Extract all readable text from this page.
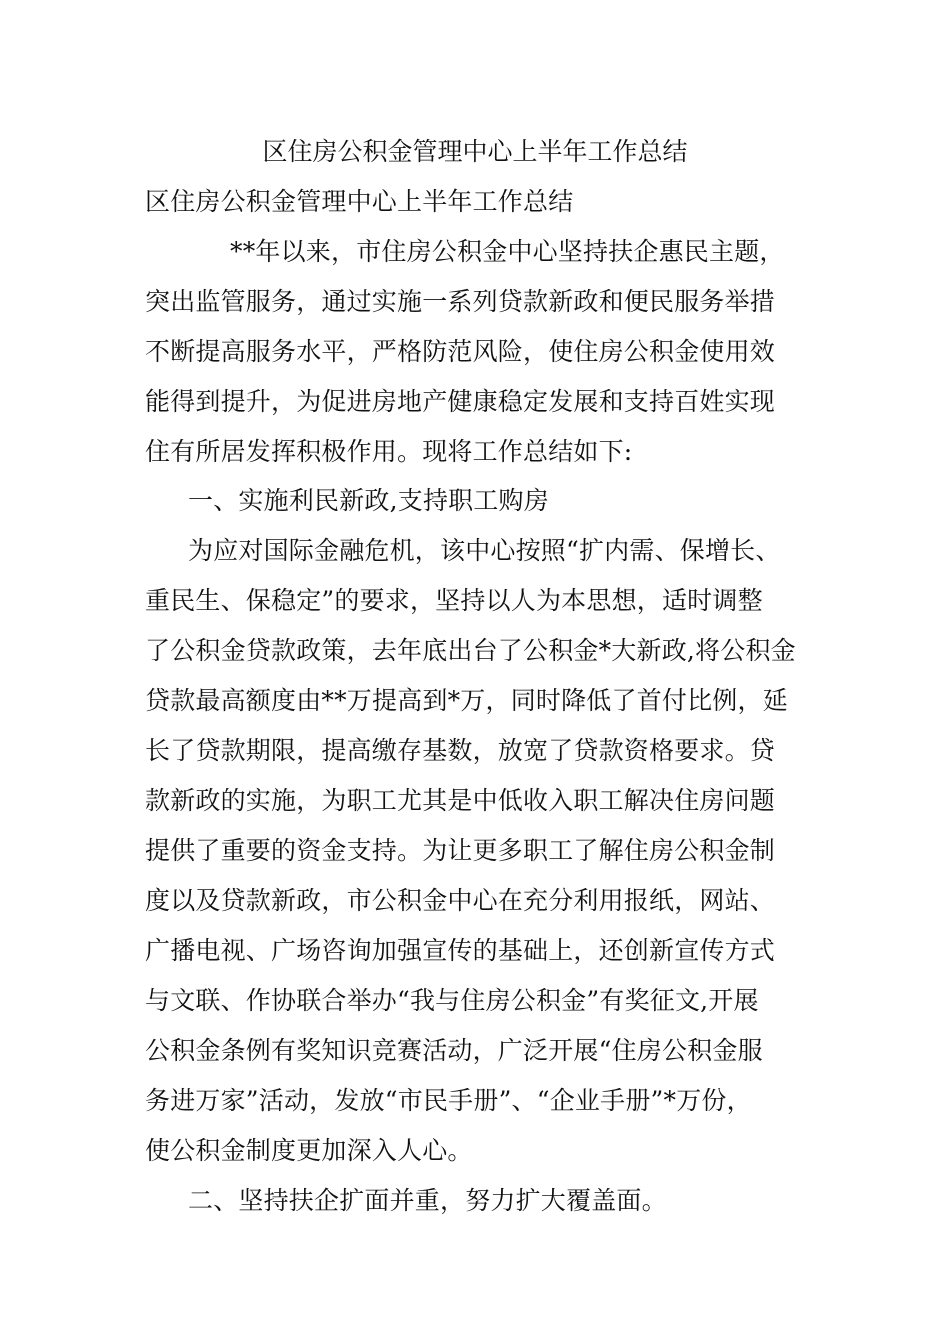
区住房公积金管理中心上半年工作总结
区住房公积金管理中心上半年工作总结
**年以来，市住房公积金中心坚持扶企惠民主题，
突出监管服务，通过实施一系列贷款新政和便民服务举措
不断提高服务水平，严格防范风险，使住房公积金使用效
能得到提升，为促进房地产健康稳定发展和支持百姓实现
住有所居发挥积极作用。现将工作总结如下:
一、实施利民新政,支持职工购房
为应对国际金融危机，该中心按照“扩内需、保增长、
重民生、保稳定”的要求，坚持以人为本思想，适时调整
了公积金贷款政策，去年底出台了公积金*大新政,将公积金
贷款最高额度由**万提高到*万，同时降低了首付比例，延
长了贷款期限，提高缴存基数，放宽了贷款资格要求。贷
款新政的实施，为职工尤其是中低收入职工解决住房问题
提供了重要的资金支持。为让更多职工了解住房公积金制
度以及贷款新政，市公积金中心在充分利用报纸，网站、
广播电视、广场咨询加强宣传的基础上，还创新宣传方式
与文联、作协联合举办“我与住房公积金”有奖征文,开展
公积金条例有奖知识竞赛活动，广泛开展“住房公积金服
务进万家”活动，发放“市民手册”、“企业手册”*万份，
使公积金制度更加深入人心。
二、坚持扶企扩面并重，努力扩大覆盖面。
